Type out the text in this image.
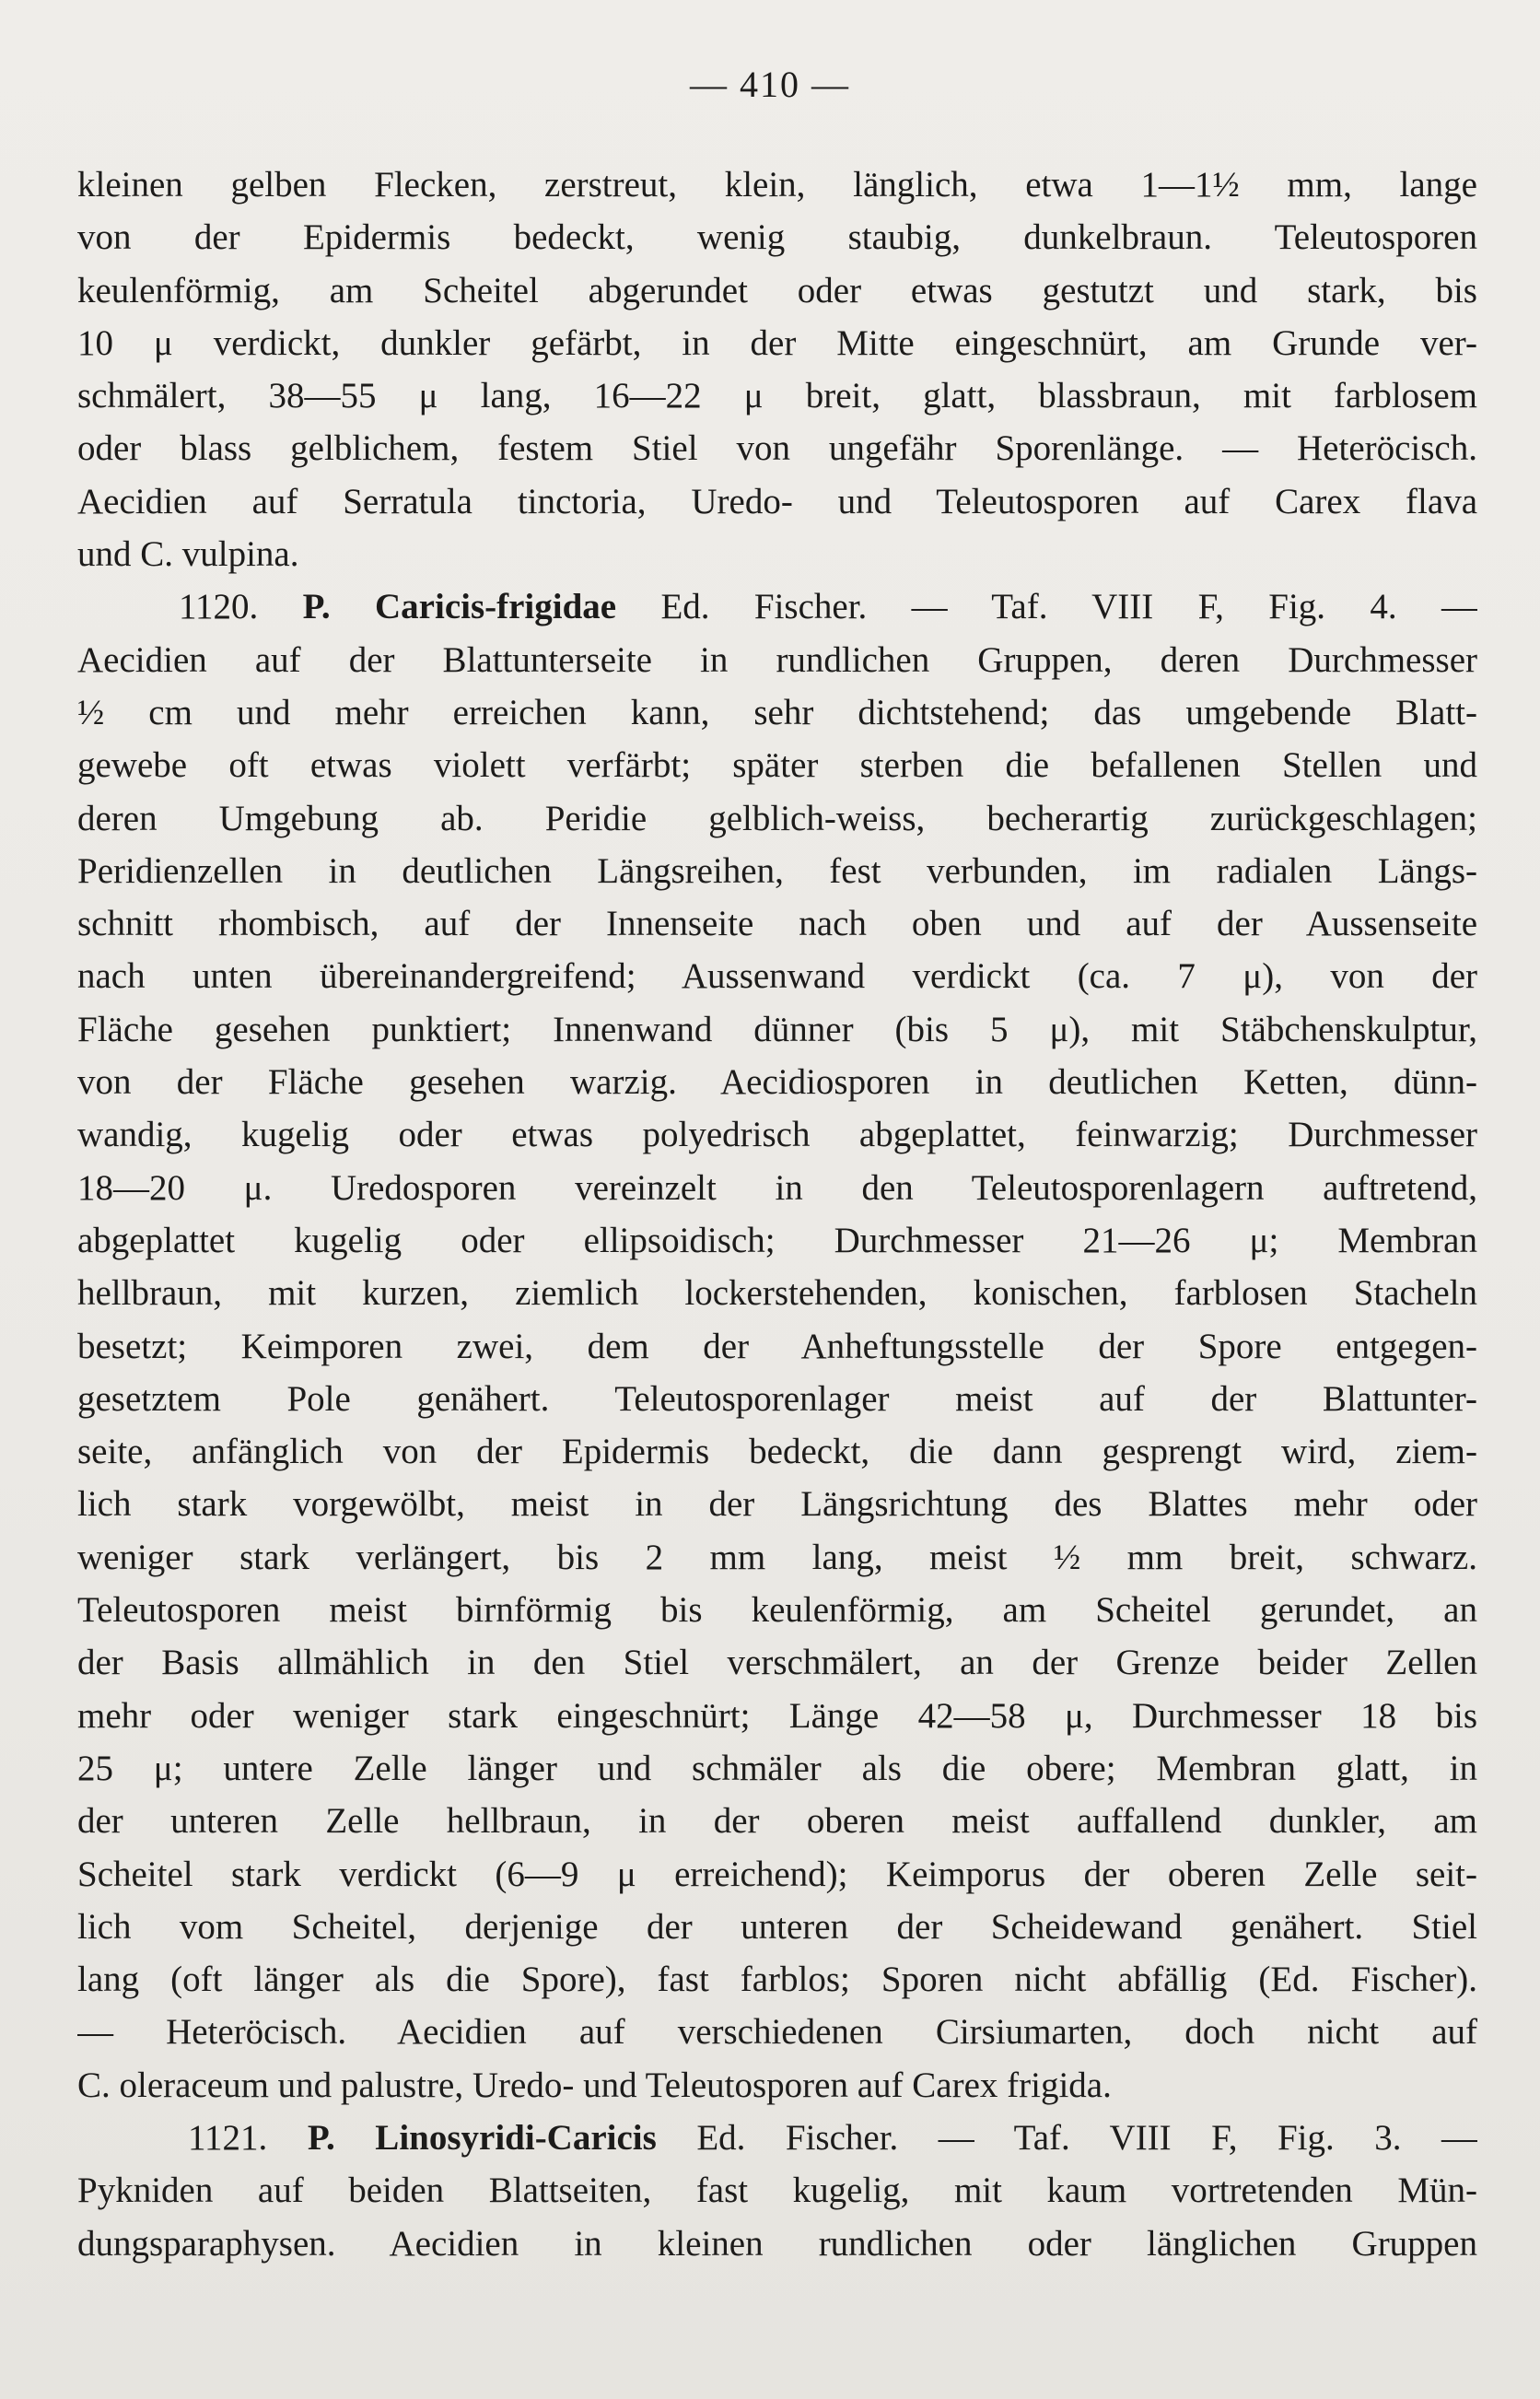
— 410 —
kleinen gelben Flecken, zerstreut, klein, länglich, etwa 1—1½ mm, lange
von der Epidermis bedeckt, wenig staubig, dunkelbraun. Teleutosporen
keulenförmig, am Scheitel abgerundet oder etwas gestutzt und stark, bis
10 μ verdickt, dunkler gefärbt, in der Mitte eingeschnürt, am Grunde ver-
schmälert, 38—55 μ lang, 16—22 μ breit, glatt, blassbraun, mit farblosem
oder blass gelblichem, festem Stiel von ungefähr Sporenlänge. — Heteröcisch.
Aecidien auf Serratula tinctoria, Uredo- und Teleutosporen auf Carex flava
und C. vulpina.
1120. P. Caricis-frigidae Ed. Fischer. — Taf. VIII F, Fig. 4. —
Aecidien auf der Blattunterseite in rundlichen Gruppen, deren Durchmesser
½ cm und mehr erreichen kann, sehr dichtstehend; das umgebende Blatt-
gewebe oft etwas violett verfärbt; später sterben die befallenen Stellen und
deren Umgebung ab. Peridie gelblich-weiss, becherartig zurückgeschlagen;
Peridienzellen in deutlichen Längsreihen, fest verbunden, im radialen Längs-
schnitt rhombisch, auf der Innenseite nach oben und auf der Aussenseite
nach unten übereinandergreifend; Aussenwand verdickt (ca. 7 μ), von der
Fläche gesehen punktiert; Innenwand dünner (bis 5 μ), mit Stäbchenskulptur,
von der Fläche gesehen warzig. Aecidiosporen in deutlichen Ketten, dünn-
wandig, kugelig oder etwas polyedrisch abgeplattet, feinwarzig; Durchmesser
18—20 μ. Uredosporen vereinzelt in den Teleutosporenlagern auftretend,
abgeplattet kugelig oder ellipsoidisch; Durchmesser 21—26 μ; Membran
hellbraun, mit kurzen, ziemlich lockerstehenden, konischen, farblosen Stacheln
besetzt; Keimporen zwei, dem der Anheftungsstelle der Spore entgegen-
gesetztem Pole genähert. Teleutosporenlager meist auf der Blattunter-
seite, anfänglich von der Epidermis bedeckt, die dann gesprengt wird, ziem-
lich stark vorgewölbt, meist in der Längsrichtung des Blattes mehr oder
weniger stark verlängert, bis 2 mm lang, meist ½ mm breit, schwarz.
Teleutosporen meist birnförmig bis keulenförmig, am Scheitel gerundet, an
der Basis allmählich in den Stiel verschmälert, an der Grenze beider Zellen
mehr oder weniger stark eingeschnürt; Länge 42—58 μ, Durchmesser 18 bis
25 μ; untere Zelle länger und schmäler als die obere; Membran glatt, in
der unteren Zelle hellbraun, in der oberen meist auffallend dunkler, am
Scheitel stark verdickt (6—9 μ erreichend); Keimporus der oberen Zelle seit-
lich vom Scheitel, derjenige der unteren der Scheidewand genähert. Stiel
lang (oft länger als die Spore), fast farblos; Sporen nicht abfällig (Ed. Fischer).
— Heteröcisch. Aecidien auf verschiedenen Cirsiumarten, doch nicht auf
C. oleraceum und palustre, Uredo- und Teleutosporen auf Carex frigida.
1121. P. Linosyridi-Caricis Ed. Fischer. — Taf. VIII F, Fig. 3. —
Pykniden auf beiden Blattseiten, fast kugelig, mit kaum vortretenden Mün-
dungsparaphysen. Aecidien in kleinen rundlichen oder länglichen Gruppen
